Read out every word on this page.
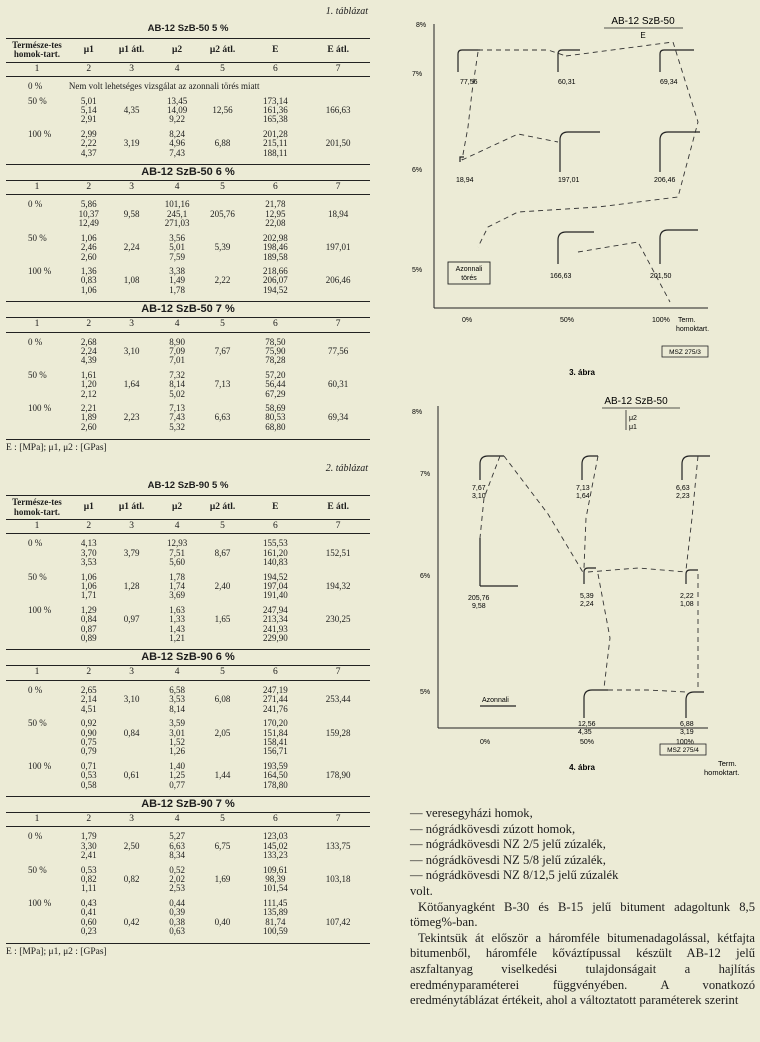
1. táblázat
AB-12 SzB-50 5 %						
Természe-tes homok-tart.	μ1	μ1 átl.	μ2	μ2 átl.	E	E átl.
1	2	3	4	5	6	7
0 %	Nem volt lehetséges vizsgálat az azonnali törés miatt					
50 %	5,01		13,45		173,14	
	5,14	4,35	14,09	12,56	161,36	166,63
	2,91		9,22		165,38	
100 %	2,99		8,24		201,28	
	2,22	3,19	4,96	6,88	215,11	201,50
	4,37		7,43		188,11	
AB-12 SzB-50 6 %
1	2	3	4	5	6	7
0 %	5,86		101,16		21,78	
	10,37	9,58	245,1	205,76	12,95	18,94
	12,49		271,03		22,08	
50 %	1,06		3,56		202,98	
	2,46	2,24	5,01	5,39	198,46	197,01
	2,60		7,59		189,58	
100 %	1,36		3,38		218,66	
	0,83	1,08	1,49	2,22	206,07	206,46
	1,06		1,78		194,52	
AB-12 SzB-50 7 %
1	2	3	4	5	6	7
0 %	2,68		8,90		78,50	
	2,24	3,10	7,09	7,67	75,90	77,56
	4,39		7,01		78,28	
50 %	1,61		7,32		57,20	
	1,20	1,64	8,14	7,13	56,44	60,31
	2,12		5,02		67,29	
100 %	2,21		7,13		58,69	
	1,89	2,23	7,43	6,63	80,53	69,34
	2,60		5,32		68,80	
E : [MPa]; μ1, μ2 : [GPas]
2. táblázat
AB-12 SzB-90 5 %						
Természe-tes homok-tart.	μ1	μ1 átl.	μ2	μ2 átl.	E	E átl.
1	2	3	4	5	6	7
0 %	4,13		12,93		155,53	
	3,70	3,79	7,51	8,67	161,20	152,51
	3,53		5,60		140,83	
50 %	1,06		1,78		194,52	
	1,06	1,28	1,74	2,40	197,04	194,32
	1,71		3,69		191,40	
100 %	1,29		1,63		247,94	
	0,84	0,97	1,33	1,65	213,34	230,25
	0,87		1,43		241,93	
	0,89		1,21		229,90	
AB-12 SzB-90 6 %
1	2	3	4	5	6	7
0 %	2,65		6,58		247,19	
	2,14	3,10	3,53	6,08	271,44	253,44
	4,51		8,14		241,76	
50 %	0,92		3,59		170,20	
	0,90	0,84	3,01	2,05	151,84	159,28
	0,75		1,52		158,41	
	0,79		1,26		156,71	
100 %	0,71		1,40		193,59	
	0,53	0,61	1,25	1,44	164,50	178,90
	0,58		0,77		178,80	
AB-12 SzB-90 7 %
1	2	3	4	5	6	7
0 %	1,79		5,27		123,03	
	3,30	2,50	6,63	6,75	145,02	133,75
	2,41		8,34		133,23	
50 %	0,53		0,52		109,61	
	0,82	0,82	2,02	1,69	98,39	103,18
	1,11		2,53		101,54	
100 %	0,43		0,44		111,45	
	0,41		0,39		135,89	
	0,60	0,42	0,38	0,40	81,74	107,42
	0,23		0,63		100,59	
E : [MPa]; μ1, μ2 : [GPas]
AB-12 SzB-50
E
8%
7%
6%
5%
0%	50%	100% Term.
homoktart.
Azonnali
törés
77,56	60,31	69,34
18,94	197,01	206,46
166,63	201,50
MSZ 275/3
3. ábra
AB-12 SzB-50
μ2
μ1
8%
7%
6%
5%
0%	50%	100%
7,67
3,10
7,13
1,64
6,63
2,23
205,76
9,58
5,39
2,24
2,22
1,08
12,56
4,35
6,88
3,19
Azonnali
MSZ 275/4
4. ábra	Term.
homoktart.
— veresegyházi homok,
— nógrádkövesdi zúzott homok,
— nógrádkövesdi NZ 2/5 jelű zúzalék,
— nógrádkövesdi NZ 5/8 jelű zúzalék,
— nógrádkövesdi NZ 8/12,5 jelű zúzalék
volt.

Kötőanyagként B-30 és B-15 jelű bitument adagoltunk 8,5 tömeg%-ban.

Tekintsük át először a háromféle bitumenadagolással, kétfajta bitumenből, háromféle kőváztípussal készült AB-12 jelű aszfaltanyag viselkedési tulajdonságait a hajlítás eredményparaméterei függvényében. A vonatkozó eredménytáblázat értékeit, ahol a változtatott paraméterek szerint
